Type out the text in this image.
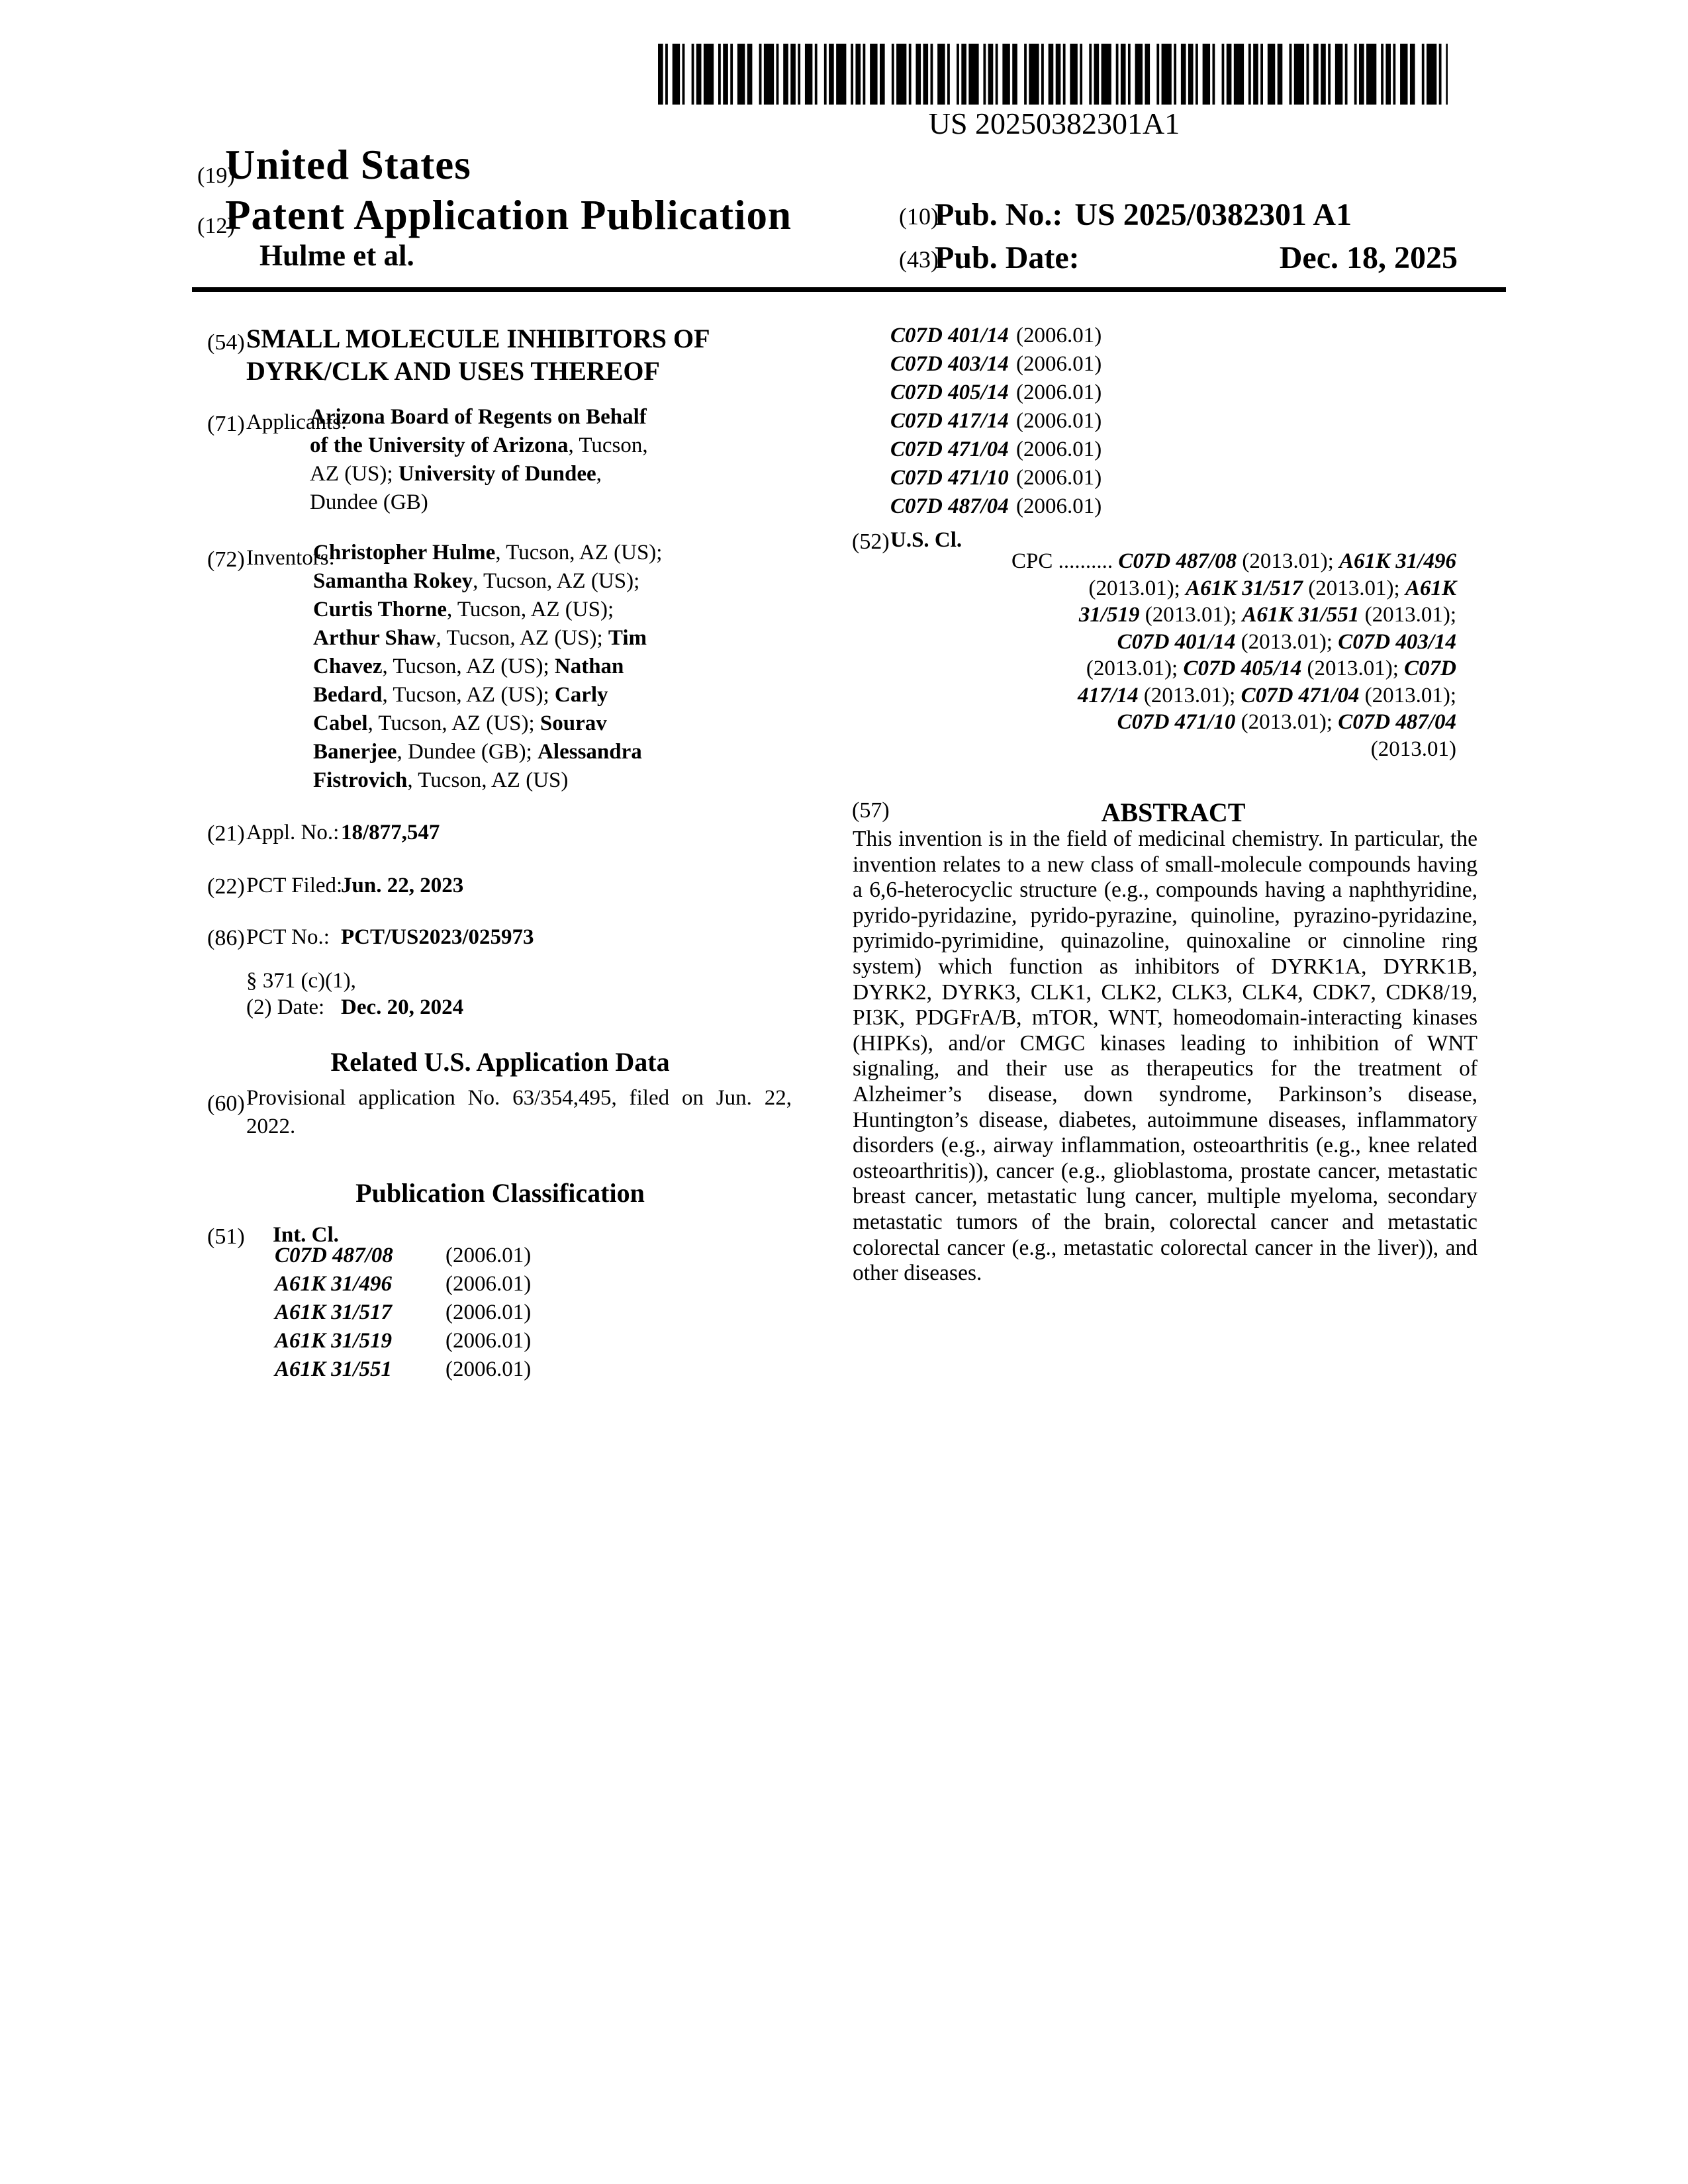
US 20250382301A1
(19)
United States
(12)
Patent Application Publication
Hulme et al.
(10)
Pub. No.: US 2025/0382301 A1
(43)
Pub. Date:	Dec. 18, 2025
(54) SMALL MOLECULE INHIBITORS OF
DYRK/CLK AND USES THEREOF
(71) Applicants:
Arizona Board of Regents on Behalf
of the University of Arizona, Tucson,
AZ (US); University of Dundee,
Dundee (GB)
(72) Inventors:
Christopher Hulme, Tucson, AZ (US);
Samantha Rokey, Tucson, AZ (US);
Curtis Thorne, Tucson, AZ (US);
Arthur Shaw, Tucson, AZ (US); Tim
Chavez, Tucson, AZ (US); Nathan
Bedard, Tucson, AZ (US); Carly
Cabel, Tucson, AZ (US); Sourav
Banerjee, Dundee (GB); Alessandra
Fistrovich, Tucson, AZ (US)
(21) Appl. No.: 18/877,547
(22) PCT Filed:
Jun. 22, 2023
(86) PCT No.: PCT/US2023/025973
§ 371 (c)(1),
(2) Date: Dec. 20, 2024
Related U.S. Application Data
(60) Provisional application No. 63/354,495, filed on Jun. 22, 2022.
Publication Classification
(51) Int. Cl.
C07D 487/08 (2006.01)
A61K 31/496 (2006.01)
A61K 31/517 (2006.01)
A61K 31/519 (2006.01)
A61K 31/551 (2006.01)
C07D 401/14 (2006.01)
C07D 403/14 (2006.01)
C07D 405/14 (2006.01)
C07D 417/14 (2006.01)
C07D 471/04 (2006.01)
C07D 471/10 (2006.01)
C07D 487/04 (2006.01)
(52) U.S. Cl.
CPC .......... C07D 487/08 (2013.01); A61K 31/496
(2013.01); A61K 31/517 (2013.01); A61K
31/519 (2013.01); A61K 31/551 (2013.01);
C07D 401/14 (2013.01); C07D 403/14
(2013.01); C07D 405/14 (2013.01); C07D
417/14 (2013.01); C07D 471/04 (2013.01);
C07D 471/10 (2013.01); C07D 487/04
(2013.01)
(57)	ABSTRACT
This invention is in the field of medicinal chemistry. In particular, the invention relates to a new class of small-molecule compounds having a 6,6-heterocyclic structure (e.g., compounds having a naphthyridine, pyrido-pyridazine, pyrido-pyrazine, quinoline, pyrazino-pyridazine, pyrimido-pyrimidine, quinazoline, quinoxaline or cinnoline ring system) which function as inhibitors of DYRK1A, DYRK1B, DYRK2, DYRK3, CLK1, CLK2, CLK3, CLK4, CDK7, CDK8/19, PI3K, PDGFrA/B, mTOR, WNT, homeodomain-interacting kinases (HIPKs), and/or CMGC kinases leading to inhibition of WNT signaling, and their use as therapeutics for the treatment of Alzheimer’s disease, down syndrome, Parkinson’s disease, Huntington’s disease, diabetes, autoimmune diseases, inflammatory disorders (e.g., airway inflammation, osteoarthritis (e.g., knee related osteoarthritis)), cancer (e.g., glioblastoma, prostate cancer, metastatic breast cancer, metastatic lung cancer, multiple myeloma, secondary metastatic tumors of the brain, colorectal cancer and metastatic colorectal cancer (e.g., metastatic colorectal cancer in the liver)), and other diseases.
